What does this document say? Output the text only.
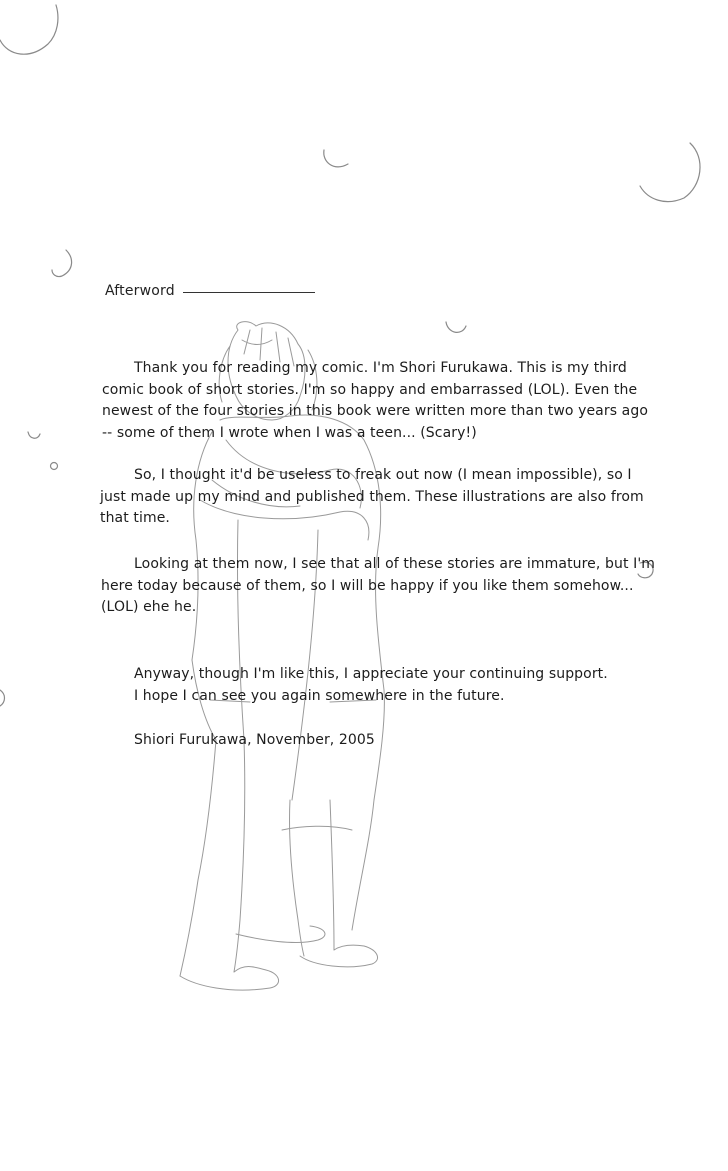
Afterword

Thank you for reading my comic. I'm Shori Furukawa. This is my third
comic book of short stories. I'm so happy and embarrassed (LOL). Even the
newest of the four stories in this book were written more than two years ago
-- some of them I wrote when I was a teen... (Scary!)

So, I thought it'd be useless to freak out now (I mean impossible), so I
just made up my mind and published them. These illustrations are also from
that time.

Looking at them now, I see that all of these stories are immature, but I'm
here today because of them, so I will be happy if you like them somehow...
(LOL) ehe he.

Anyway, though I'm like this, I appreciate your continuing support.
I hope I can see you again somewhere in the future.

Shiori Furukawa, November, 2005
